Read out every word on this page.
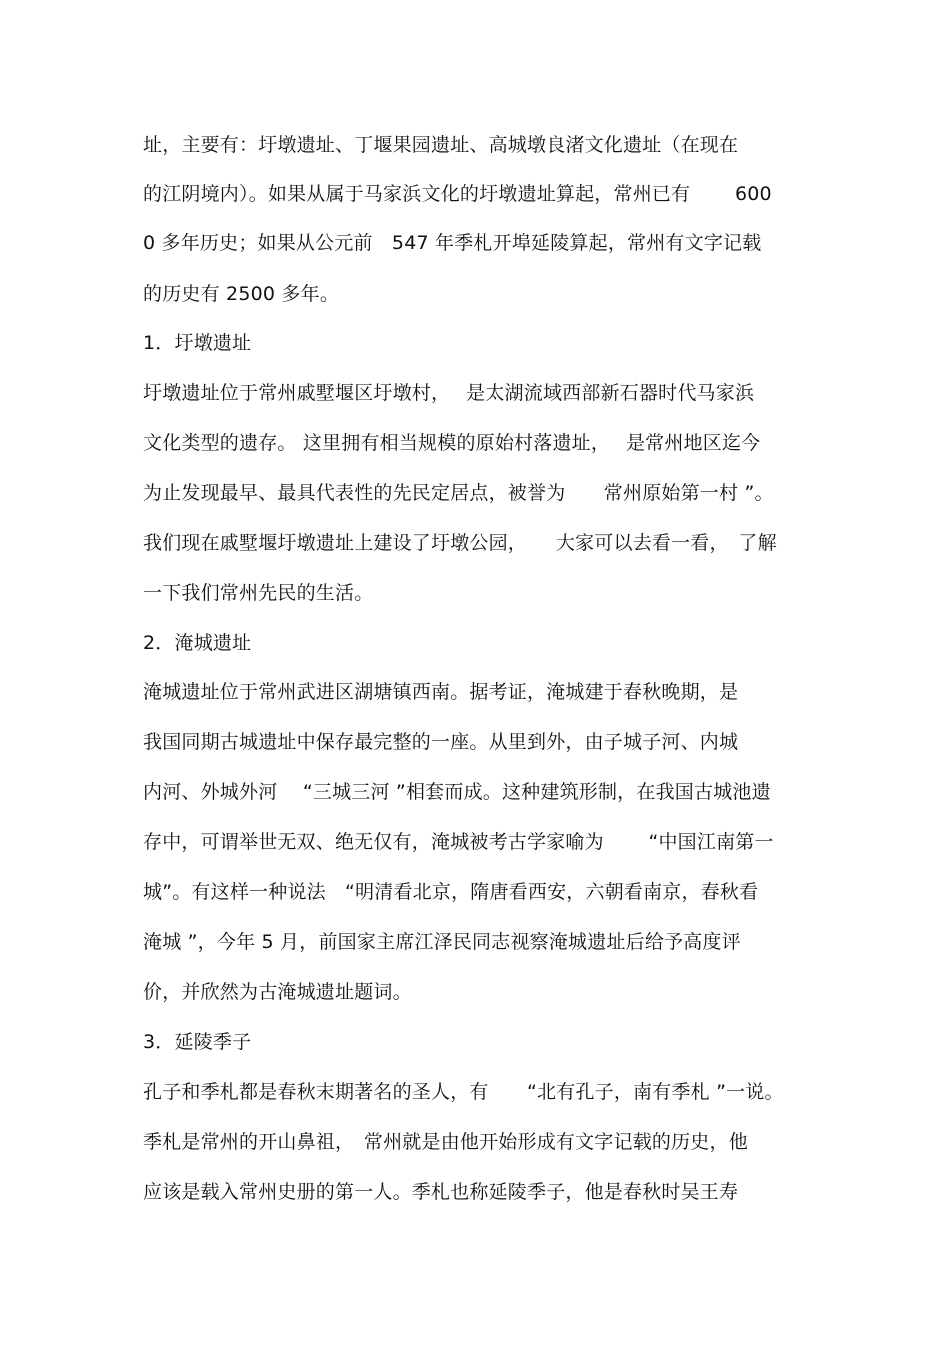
址，主要有：圩墩遗址、丁堰果园遗址、高城墩良渚文化遗址（在现在
的江阴境内）。如果从属于马家浜文化的圩墩遗址算起，常州已有　　 600
0 多年历史；如果从公元前　547 年季札开埠延陵算起，常州有文字记载
的历史有 2500 多年。
1．圩墩遗址
圩墩遗址位于常州戚墅堰区圩墩村，　 是太湖流域西部新石器时代马家浜
文化类型的遗存。 这里拥有相当规模的原始村落遗址，　 是常州地区迄今
为止发现最早、最具代表性的先民定居点，被誉为　　常州原始第一村 ”。
我们现在戚墅堰圩墩遗址上建设了圩墩公园，　　大家可以去看一看，　了解
一下我们常州先民的生活。
2．淹城遗址
淹城遗址位于常州武进区湖塘镇西南。据考证，淹城建于春秋晚期，是
我国同期古城遗址中保存最完整的一座。从里到外，由子城子河、内城
内河、外城外河　 “三城三河 ”相套而成。这种建筑形制，在我国古城池遗
存中，可谓举世无双、绝无仅有，淹城被考古学家喻为　　 “中国江南第一
城”。有这样一种说法　“明清看北京，隋唐看西安，六朝看南京，春秋看
淹城 ”，今年 5 月，前国家主席江泽民同志视察淹城遗址后给予高度评
价，并欣然为古淹城遗址题词。
3．延陵季子
孔子和季札都是春秋末期著名的圣人，有　　“北有孔子，南有季札 ”一说。
季札是常州的开山鼻祖，　常州就是由他开始形成有文字记载的历史，他
应该是载入常州史册的第一人。季札也称延陵季子，他是春秋时吴王寿
